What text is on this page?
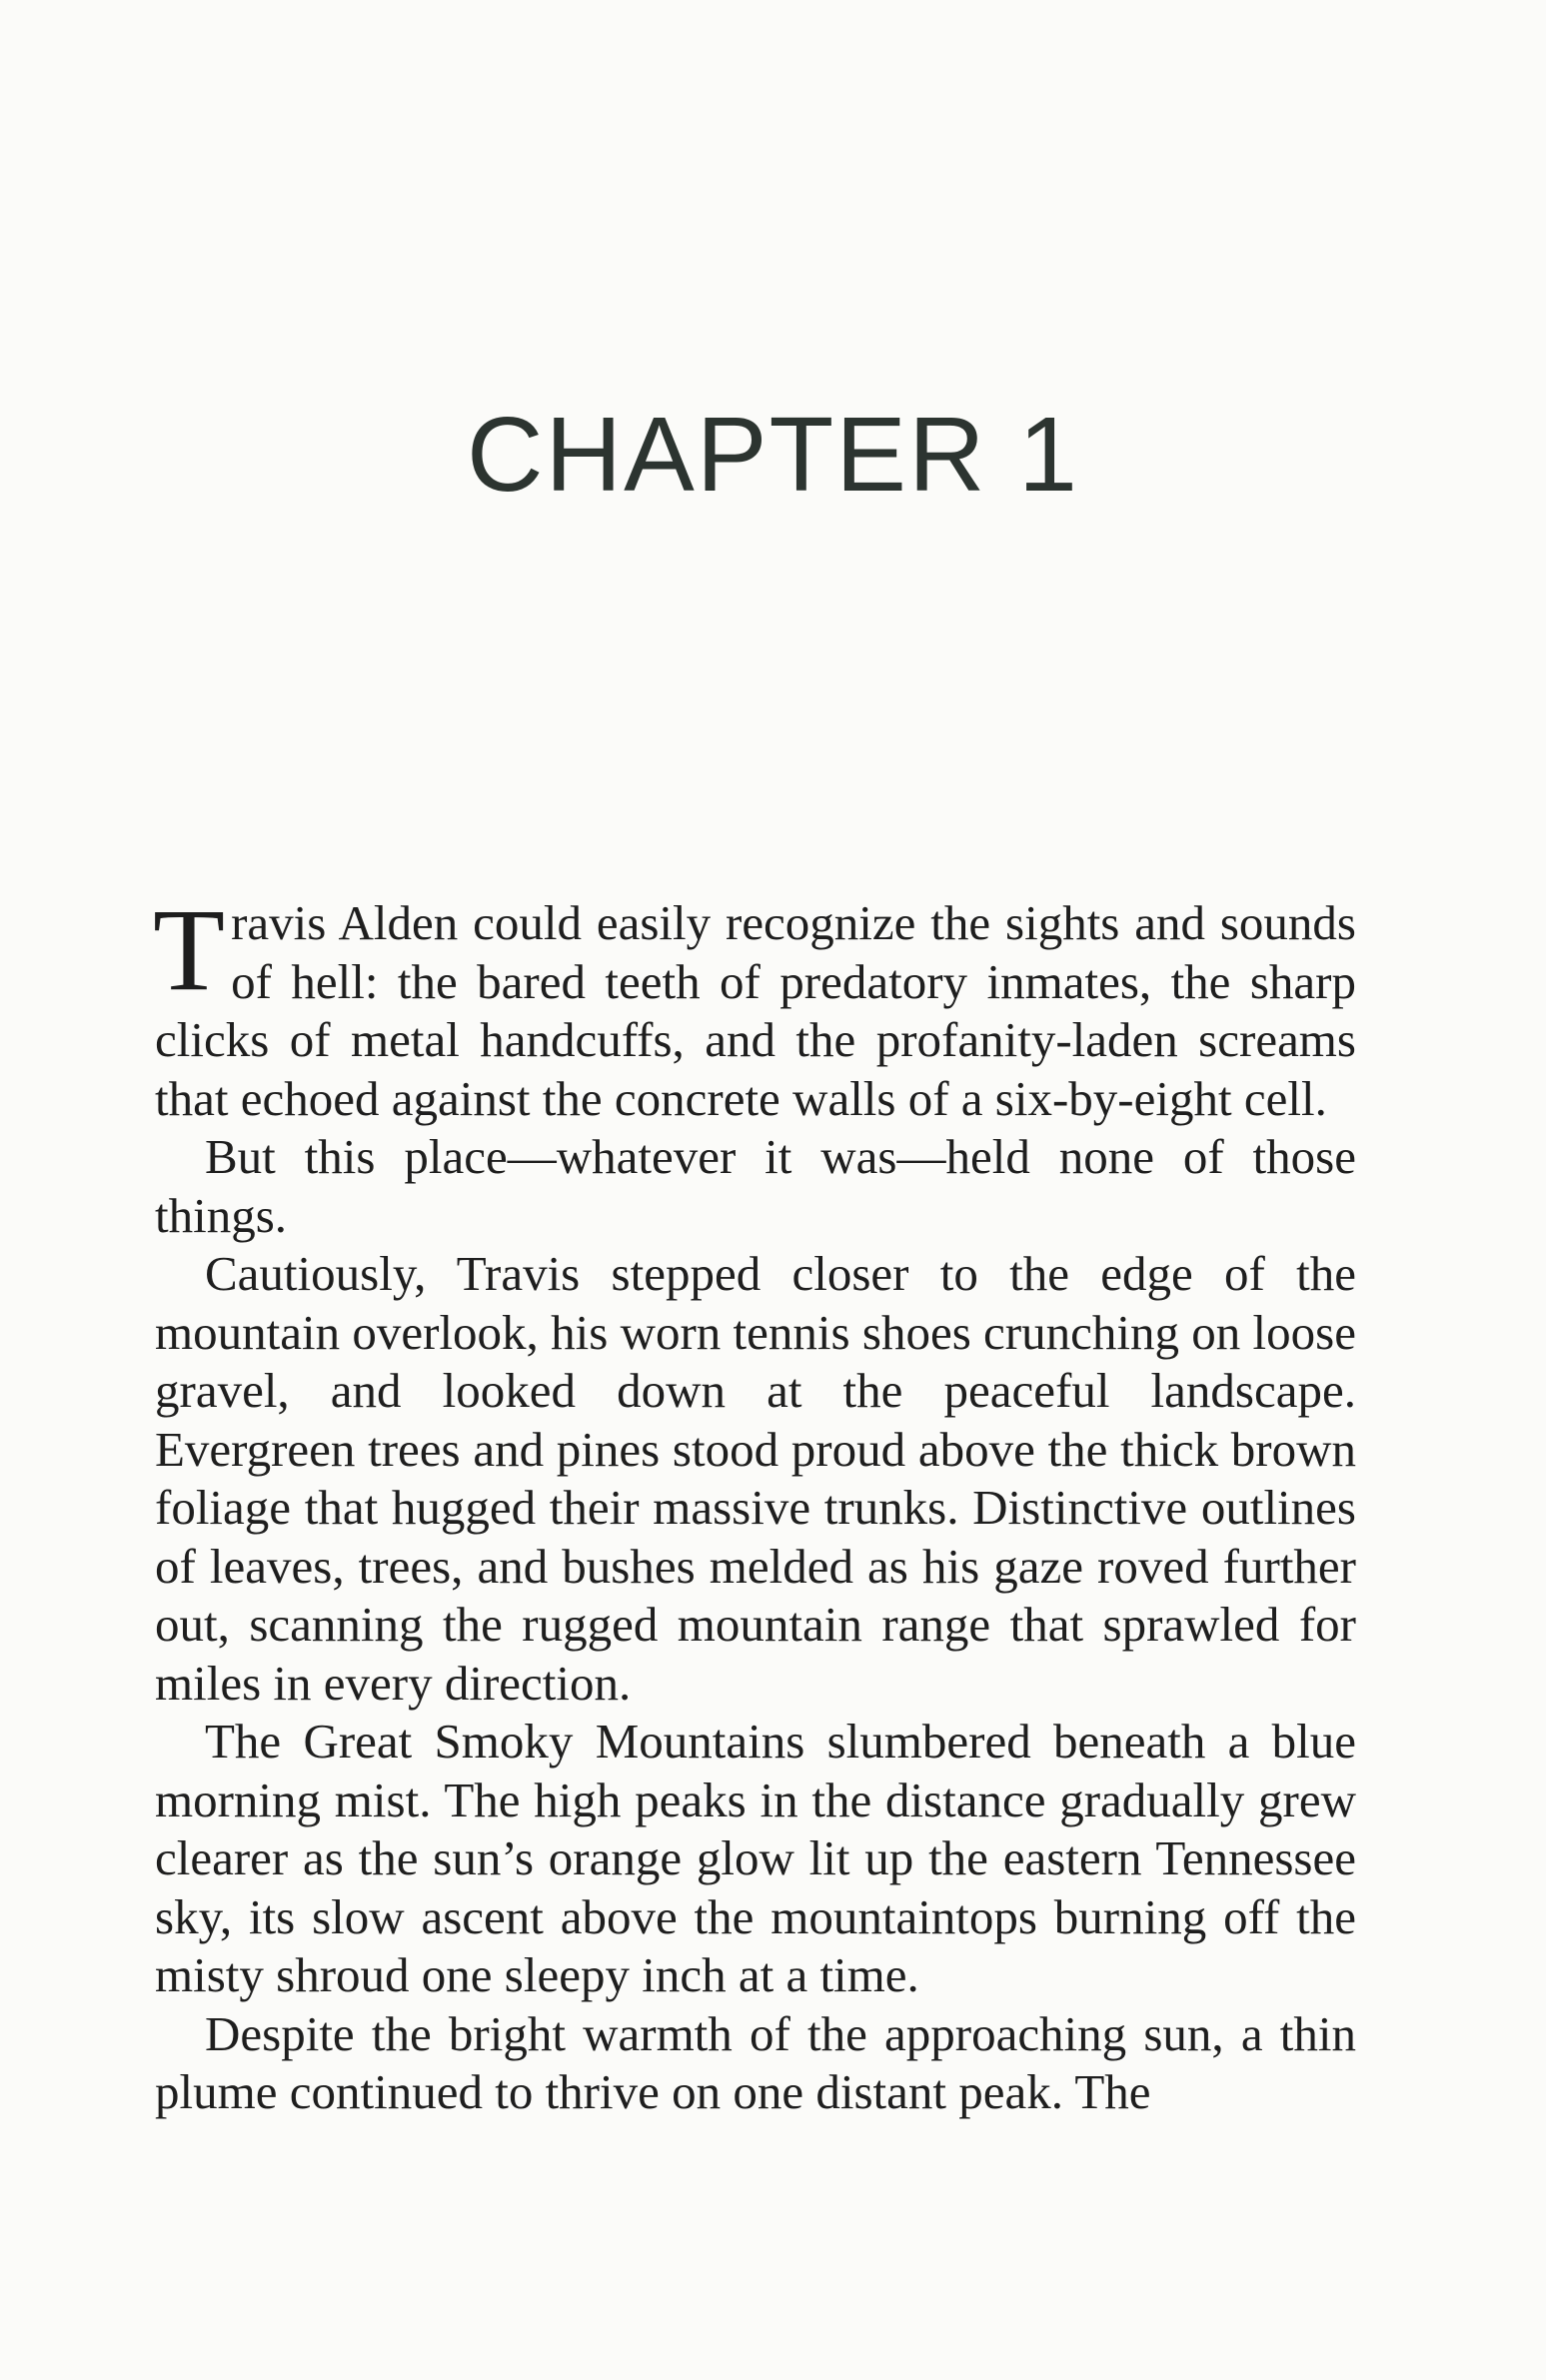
CHAPTER 1

Travis Alden could easily recognize the sights and sounds of hell: the bared teeth of predatory inmates, the sharp clicks of metal handcuffs, and the profanity-laden screams that echoed against the concrete walls of a six-by-eight cell.

But this place—whatever it was—held none of those things.

Cautiously, Travis stepped closer to the edge of the mountain overlook, his worn tennis shoes crunching on loose gravel, and looked down at the peaceful landscape. Evergreen trees and pines stood proud above the thick brown foliage that hugged their massive trunks. Distinctive outlines of leaves, trees, and bushes melded as his gaze roved further out, scanning the rugged mountain range that sprawled for miles in every direction.

The Great Smoky Mountains slumbered beneath a blue morning mist. The high peaks in the distance gradually grew clearer as the sun’s orange glow lit up the eastern Tennessee sky, its slow ascent above the mountaintops burning off the misty shroud one sleepy inch at a time.

Despite the bright warmth of the approaching sun, a thin plume continued to thrive on one distant peak. The
